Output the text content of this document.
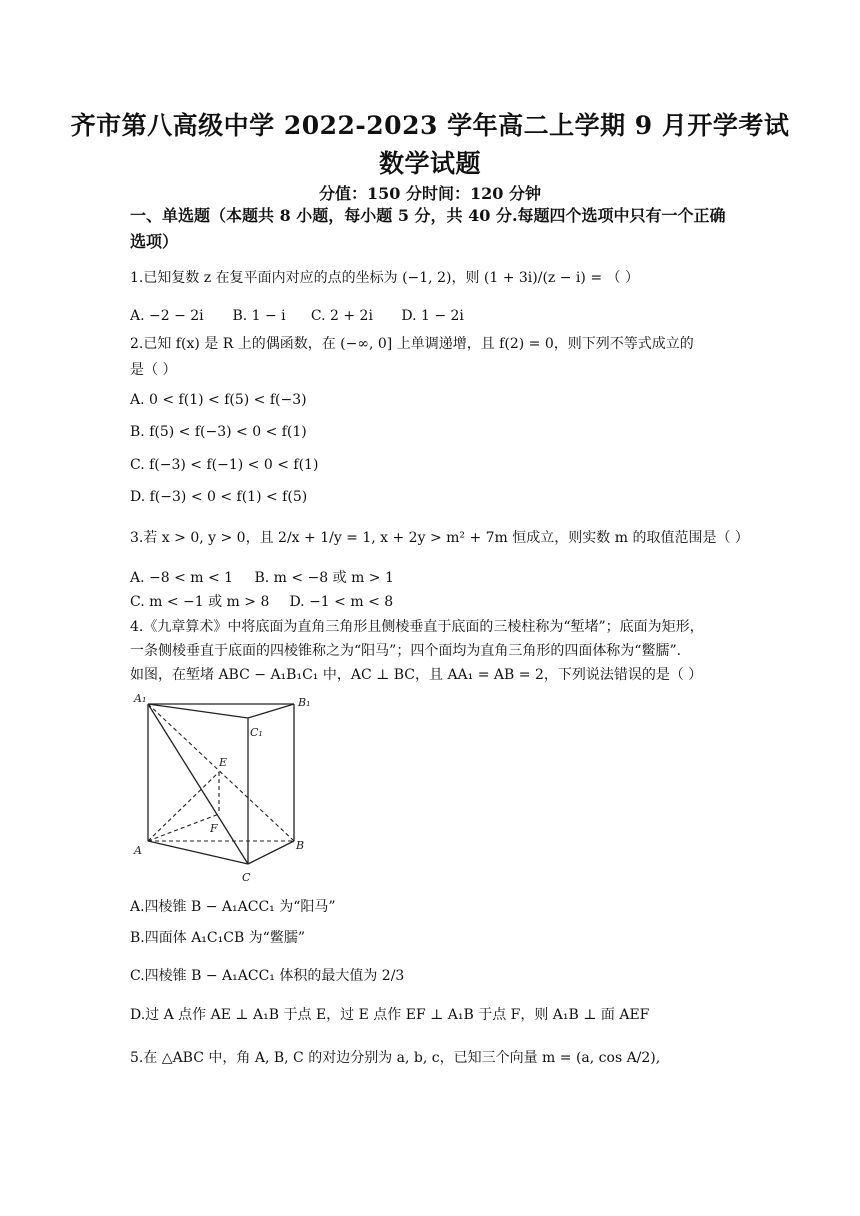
齐市第八高级中学 2022-2023 学年高二上学期 9 月开学考试
数学试题
分值：150 分时间：120 分钟
一、单选题（本题共 8 小题，每小题 5 分，共 40 分.每题四个选项中只有一个正确选项）
1.已知复数 z 在复平面内对应的点的坐标为 (−1, 2)，则 (1 + 3i)/(z − i) = （ ）
A. −2 − 2i B. 1 − i C. 2 + 2i D. 1 − 2i
2.已知 f(x) 是 R 上的偶函数，在 (−∞, 0] 上单调递增，且 f(2) = 0，则下列不等式成立的
是（ ）
A. 0 < f(1) < f(5) < f(−3)
B. f(5) < f(−3) < 0 < f(1)
C. f(−3) < f(−1) < 0 < f(1)
D. f(−3) < 0 < f(1) < f(5)
3.若 x > 0, y > 0，且 2/x + 1/y = 1, x + 2y > m² + 7m 恒成立，则实数 m 的取值范围是（ ）
A. −8 < m < 1 B. m < −8 或 m > 1
C. m < −1 或 m > 8 D. −1 < m < 8
4.《九章算术》中将底面为直角三角形且侧棱垂直于底面的三棱柱称为“堑堵”；底面为矩形，
一条侧棱垂直于底面的四棱锥称之为“阳马”；四个面均为直角三角形的四面体称为“鳖臑”.
如图，在堑堵 ABC − A₁B₁C₁ 中，AC ⊥ BC，且 AA₁ = AB = 2，下列说法错误的是（ ）
A₁	B₁
C₁
E
F
A	B
C
A.四棱锥 B − A₁ACC₁ 为“阳马”
B.四面体 A₁C₁CB 为“鳖臑”
C.四棱锥 B − A₁ACC₁ 体积的最大值为 2/3
D.过 A 点作 AE ⊥ A₁B 于点 E，过 E 点作 EF ⊥ A₁B 于点 F，则 A₁B ⊥ 面 AEF
5.在 △ABC 中，角 A, B, C 的对边分别为 a, b, c，已知三个向量 m = (a, cos A/2),
